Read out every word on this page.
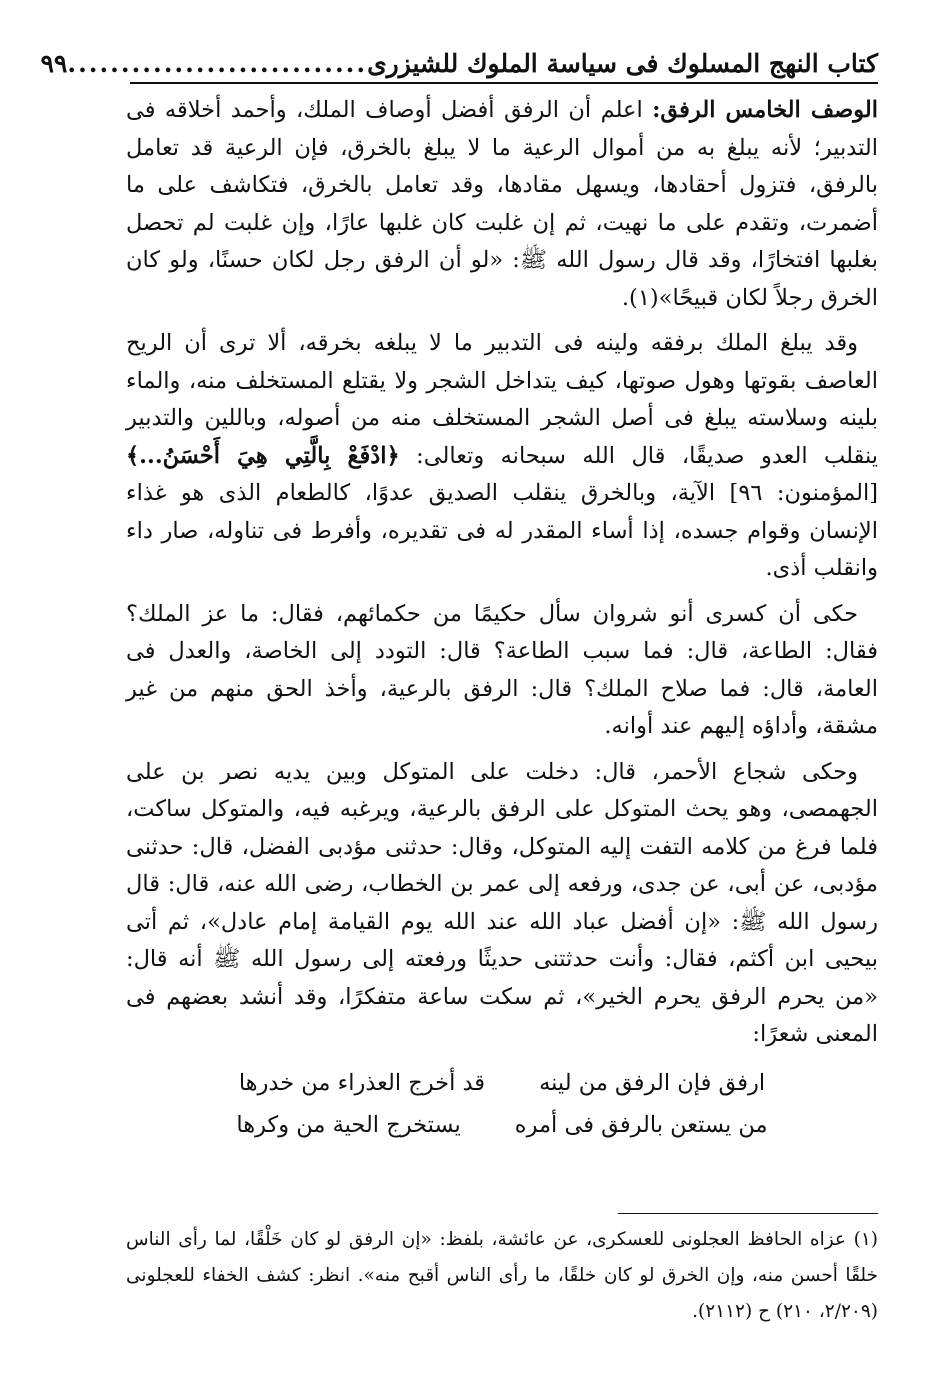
كتاب النهج المسلوك فى سياسة الملوك للشيزرى
............................
٩٩

الوصف الخامس الرفق: اعلم أن الرفق أفضل أوصاف الملك، وأحمد أخلاقه فى التدبير؛ لأنه يبلغ به من أموال الرعية ما لا يبلغ بالخرق، فإن الرعية قد تعامل بالرفق، فتزول أحقادها، ويسهل مقادها، وقد تعامل بالخرق، فتكاشف على ما أضمرت، وتقدم على ما نهيت، ثم إن غلبت كان غلبها عارًا، وإن غلبت لم تحصل بغلبها افتخارًا، وقد قال رسول الله ﷺ: «لو أن الرفق رجل لكان حسنًا، ولو كان الخرق رجلاً لكان قبيحًا»(١).

وقد يبلغ الملك برفقه ولينه فى التدبير ما لا يبلغه بخرقه، ألا ترى أن الريح العاصف بقوتها وهول صوتها، كيف يتداخل الشجر ولا يقتلع المستخلف منه، والماء بلينه وسلاسته يبلغ فى أصل الشجر المستخلف منه من أصوله، وباللين والتدبير ينقلب العدو صديقًا، قال الله سبحانه وتعالى: ﴿ادْفَعْ بِالَّتِي هِيَ أَحْسَنُ...﴾ [المؤمنون: ٩٦] الآية، وبالخرق ينقلب الصديق عدوًا، كالطعام الذى هو غذاء الإنسان وقوام جسده، إذا أساء المقدر له فى تقديره، وأفرط فى تناوله، صار داء وانقلب أذى.

حكى أن كسرى أنو شروان سأل حكيمًا من حكمائهم، فقال: ما عز الملك؟ فقال: الطاعة، قال: فما سبب الطاعة؟ قال: التودد إلى الخاصة، والعدل فى العامة، قال: فما صلاح الملك؟ قال: الرفق بالرعية، وأخذ الحق منهم من غير مشقة، وأداؤه إليهم عند أوانه.

وحكى شجاع الأحمر، قال: دخلت على المتوكل وبين يديه نصر بن على الجهمصى، وهو يحث المتوكل على الرفق بالرعية، ويرغبه فيه، والمتوكل ساكت، فلما فرغ من كلامه التفت إليه المتوكل، وقال: حدثنى مؤدبى الفضل، قال: حدثنى مؤدبى، عن أبى، عن جدى، ورفعه إلى عمر بن الخطاب، رضى الله عنه، قال: قال رسول الله ﷺ: «إن أفضل عباد الله عند الله يوم القيامة إمام عادل»، ثم أتى بيحيى ابن أكثم، فقال: وأنت حدثتنى حديثًا ورفعته إلى رسول الله ﷺ أنه قال: «من يحرم الرفق يحرم الخير»، ثم سكت ساعة متفكرًا، وقد أنشد بعضهم فى المعنى شعرًا:

ارفق فإن الرفق من لينه
قد أخرج العذراء من خدرها
من يستعن بالرفق فى أمره
يستخرج الحية من وكرها

(١) عزاه الحافظ العجلونى للعسكرى، عن عائشة، بلفظ: «إن الرفق لو كان خَلْقًا، لما رأى الناس خلقًا أحسن منه، وإن الخرق لو كان خلقًا، ما رأى الناس أقبح منه». انظر: كشف الخفاء للعجلونى (٢/٢٠٩، ٢١٠) ح (٢١١٢).
